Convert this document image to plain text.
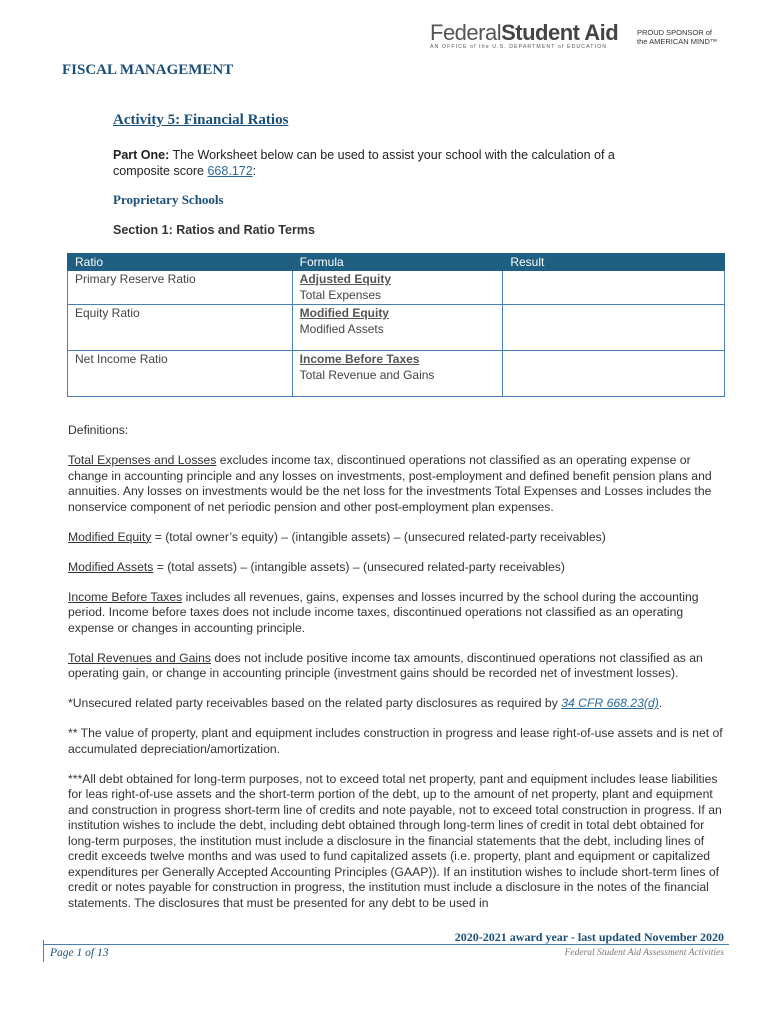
FederalStudent Aid
AN OFFICE of the U.S. DEPARTMENT of EDUCATION
PROUD SPONSOR of
the AMERICAN MIND™
FISCAL MANAGEMENT
Activity 5: Financial Ratios
Part One: The Worksheet below can be used to assist your school with the calculation of a composite score 668.172:
Proprietary Schools
Section 1: Ratios and Ratio Terms
Ratio	Formula	Result
Primary Reserve Ratio	Adjusted Equity
Total Expenses	

Equity Ratio	Modified Equity
Modified Assets	

Net Income Ratio	Income Before Taxes
Total Revenue and Gains	

Definitions:

Total Expenses and Losses excludes income tax, discontinued operations not classified as an operating expense or change in accounting principle and any losses on investments, post-employment and defined benefit pension plans and annuities. Any losses on investments would be the net loss for the investments Total Expenses and Losses includes the nonservice component of net periodic pension and other post-employment plan expenses.

Modified Equity = (total owner’s equity) – (intangible assets) – (unsecured related-party receivables)

Modified Assets = (total assets) – (intangible assets) – (unsecured related-party receivables)

Income Before Taxes includes all revenues, gains, expenses and losses incurred by the school during the accounting period. Income before taxes does not include income taxes, discontinued operations not classified as an operating expense or changes in accounting principle.

Total Revenues and Gains does not include positive income tax amounts, discontinued operations not classified as an operating gain, or change in accounting principle (investment gains should be recorded net of investment losses).

*Unsecured related party receivables based on the related party disclosures as required by 34 CFR 668.23(d).

** The value of property, plant and equipment includes construction in progress and lease right-of-use assets and is net of accumulated depreciation/amortization.

***All debt obtained for long-term purposes, not to exceed total net property, pant and equipment includes lease liabilities for leas right-of-use assets and the short-term portion of the debt, up to the amount of net property, plant and equipment and construction in progress short-term line of credits and note payable, not to exceed total construction in progress. If an institution wishes to include the debt, including debt obtained through long-term lines of credit in total debt obtained for long-term purposes, the institution must include a disclosure in the financial statements that the debt, including lines of credit exceeds twelve months and was used to fund capitalized assets (i.e. property, plant and equipment or capitalized expenditures per Generally Accepted Accounting Principles (GAAP)). If an institution wishes to include short-term lines of credit or notes payable for construction in progress, the institution must include a disclosure in the notes of the financial statements. The disclosures that must be presented for any debt to be used in

2020-2021 award year - last updated November 2020
Page 1 of 13	Federal Student Aid Assessment Activities
